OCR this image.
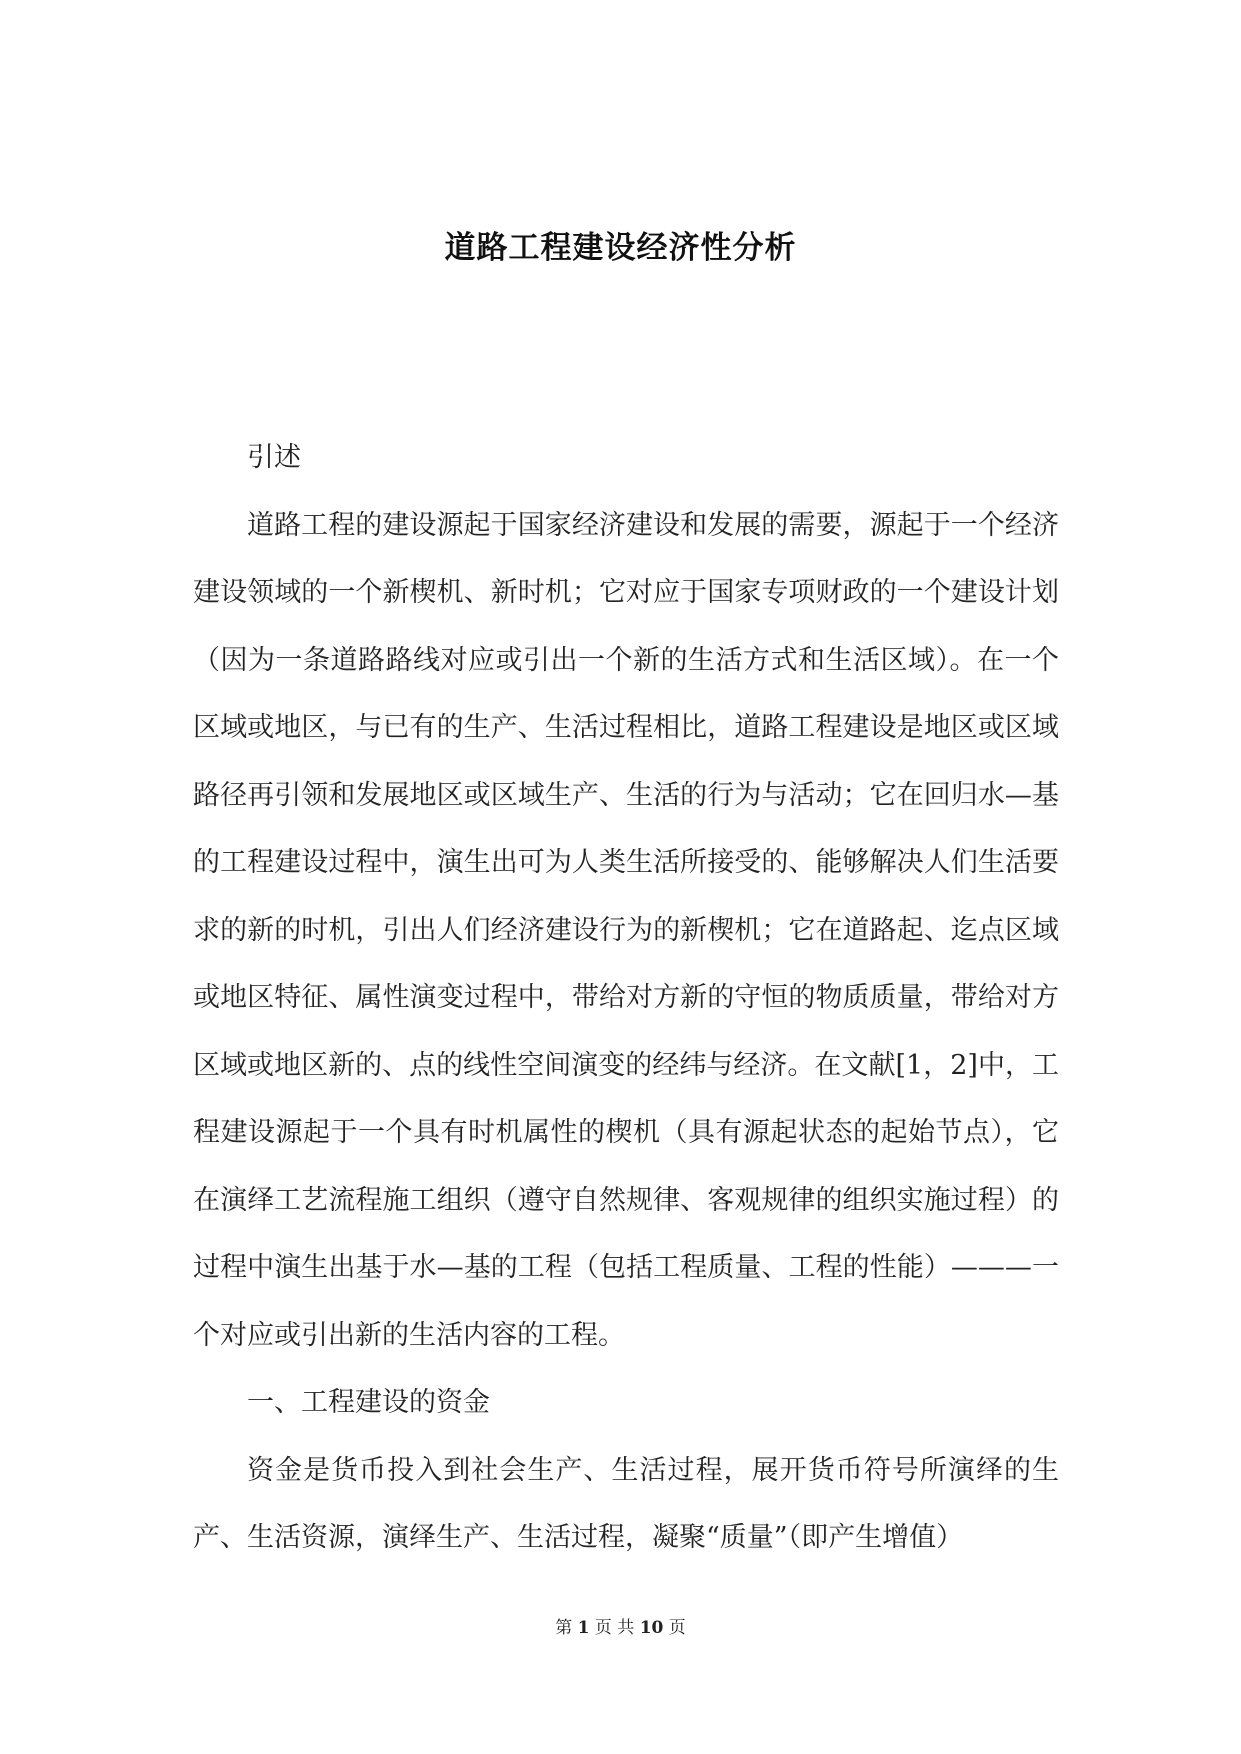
道路工程建设经济性分析

引述

道路工程的建设源起于国家经济建设和发展的需要，源起于一个经济建设领域的一个新楔机、新时机；它对应于国家专项财政的一个建设计划（因为一条道路路线对应或引出一个新的生活方式和生活区域）。在一个区域或地区，与已有的生产、生活过程相比，道路工程建设是地区或区域路径再引领和发展地区或区域生产、生活的行为与活动；它在回归水—基的工程建设过程中，演生出可为人类生活所接受的、能够解决人们生活要求的新的时机，引出人们经济建设行为的新楔机；它在道路起、迄点区域或地区特征、属性演变过程中，带给对方新的守恒的物质质量，带给对方区域或地区新的、点的线性空间演变的经纬与经济。在文献[1，2]中，工程建设源起于一个具有时机属性的楔机（具有源起状态的起始节点），它在演绎工艺流程施工组织（遵守自然规律、客观规律的组织实施过程）的过程中演生出基于水—基的工程（包括工程质量、工程的性能）———一个对应或引出新的生活内容的工程。

一、工程建设的资金

资金是货币投入到社会生产、生活过程，展开货币符号所演绎的生产、生活资源，演绎生产、生活过程，凝聚“质量”（即产生增值）

第 1 页 共 10 页
